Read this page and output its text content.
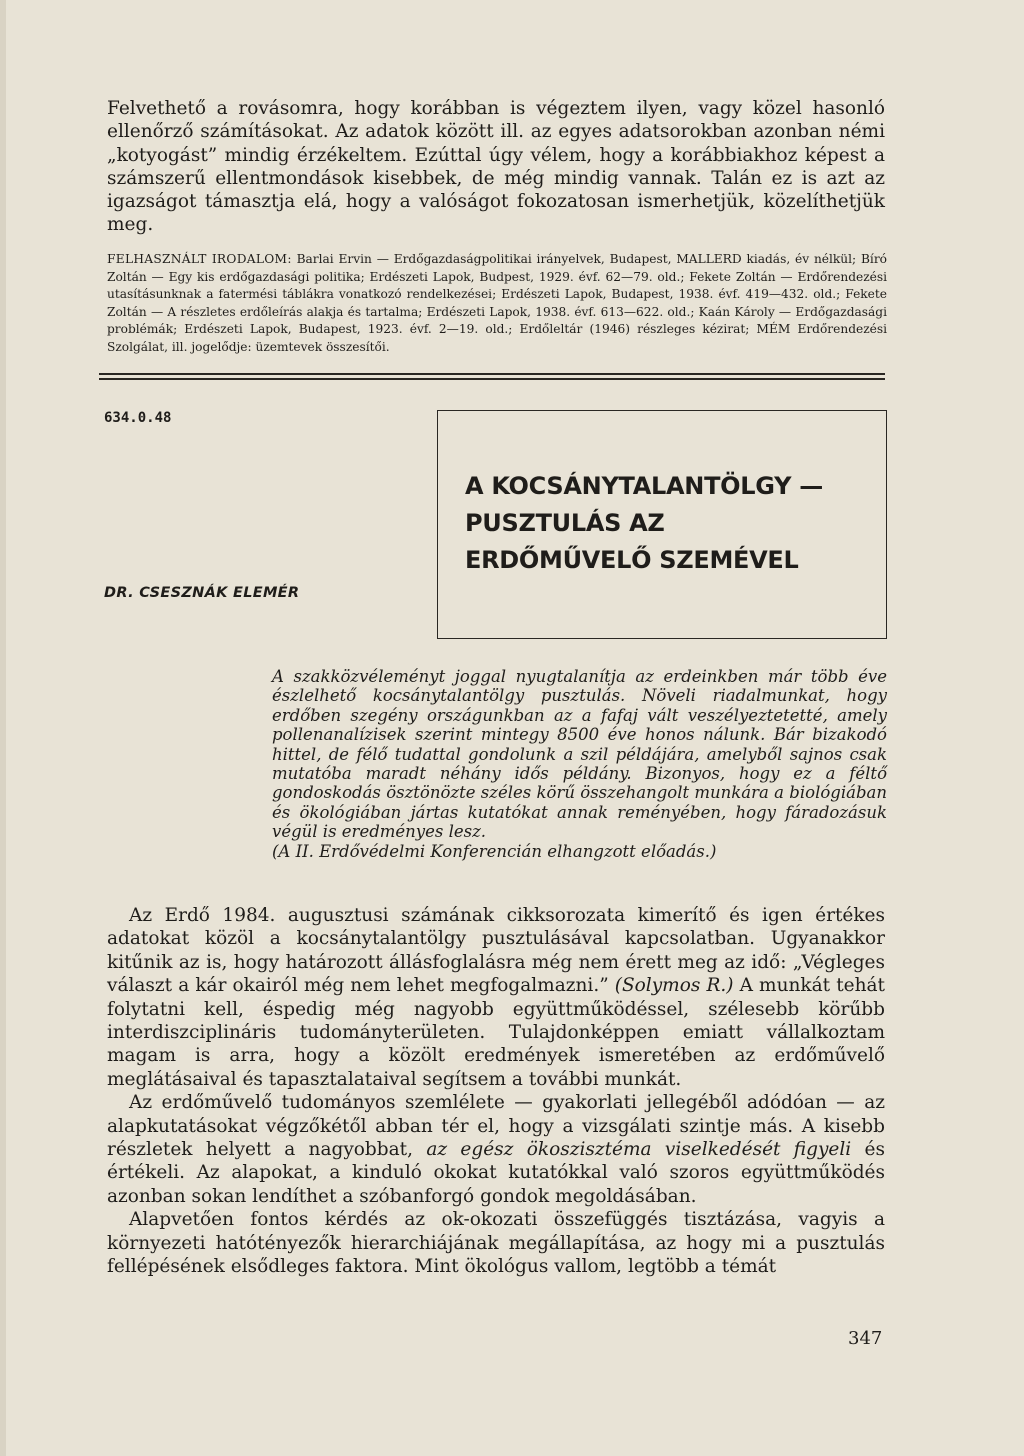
Felvethető a rovásomra, hogy korábban is végeztem ilyen, vagy közel hasonló ellenőrző számításokat. Az adatok között ill. az egyes adatsorokban azonban némi „kotyogást” mindig érzékeltem. Ezúttal úgy vélem, hogy a korábbiakhoz képest a számszerű ellentmondások kisebbek, de még mindig vannak. Talán ez is azt az igazságot támasztja elá, hogy a valóságot fokozatosan ismerhetjük, közelíthetjük meg.

FELHASZNÁLT IRODALOM: Barlai Ervin — Erdőgazdaságpolitikai irányelvek, Budapest, MALLERD kiadás, év nélkül; Bíró Zoltán — Egy kis erdőgazdasági politika; Erdészeti Lapok, Budpest, 1929. évf. 62—79. old.; Fekete Zoltán — Erdőrendezési utasításunknak a fatermési táblákra vonatkozó rendelkezései; Erdészeti Lapok, Budapest, 1938. évf. 419—432. old.; Fekete Zoltán — A részletes erdőleírás alakja és tartalma; Erdészeti Lapok, 1938. évf. 613—622. old.; Kaán Károly — Erdőgazdasági problémák; Erdészeti Lapok, Budapest, 1923. évf. 2—19. old.; Erdőleltár (1946) részleges kézirat; MÉM Erdőrendezési Szolgálat, ill. jogelődje: üzemtevek összesítői.

634.0.48
A KOCSÁNYTALANTÖLGY —
PUSZTULÁS AZ
ERDŐMŰVELŐ SZEMÉVEL
DR. CSESZNÁK ELEMÉR

A szakközvéleményt joggal nyugtalanítja az erdeinkben már több éve észlelhető kocsánytalantölgy pusztulás. Növeli riadalmunkat, hogy erdőben szegény országunkban az a fafaj vált veszélyeztetetté, amely pollenanalízisek szerint mintegy 8500 éve honos nálunk. Bár bizakodó hittel, de félő tudattal gondolunk a szil példájára, amelyből sajnos csak mutatóba maradt néhány idős példány. Bizonyos, hogy ez a féltő gondoskodás ösztönözte széles körű összehangolt munkára a biológiában és ökológiában jártas kutatókat annak reményében, hogy fáradozásuk végül is eredményes lesz.
(A II. Erdővédelmi Konferencián elhangzott előadás.)

Az Erdő 1984. augusztusi számának cikksorozata kimerítő és igen értékes adatokat közöl a kocsánytalantölgy pusztulásával kapcsolatban. Ugyanakkor kitűnik az is, hogy határozott állásfoglalásra még nem érett meg az idő: „Végleges választ a kár okairól még nem lehet megfogalmazni.” (Solymos R.) A munkát tehát folytatni kell, éspedig még nagyobb együttműködéssel, szélesebb körűbb interdiszciplináris tudományterületen. Tulajdonképpen emiatt vállalkoztam magam is arra, hogy a közölt eredmények ismeretében az erdőművelő meglátásaival és tapasztalataival segítsem a további munkát.

Az erdőművelő tudományos szemlélete — gyakorlati jellegéből adódóan — az alapkutatásokat végzőkétől abban tér el, hogy a vizsgálati szintje más. A kisebb részletek helyett a nagyobbat, az egész ökoszisztéma viselkedését figyeli és értékeli. Az alapokat, a kinduló okokat kutatókkal való szoros együttműködés azonban sokan lendíthet a szóbanforgó gondok megoldásában.

Alapvetően fontos kérdés az ok-okozati összefüggés tisztázása, vagyis a környezeti hatótényezők hierarchiájának megállapítása, az hogy mi a pusztulás fellépésének elsődleges faktora. Mint ökológus vallom, legtöbb a témát

347
